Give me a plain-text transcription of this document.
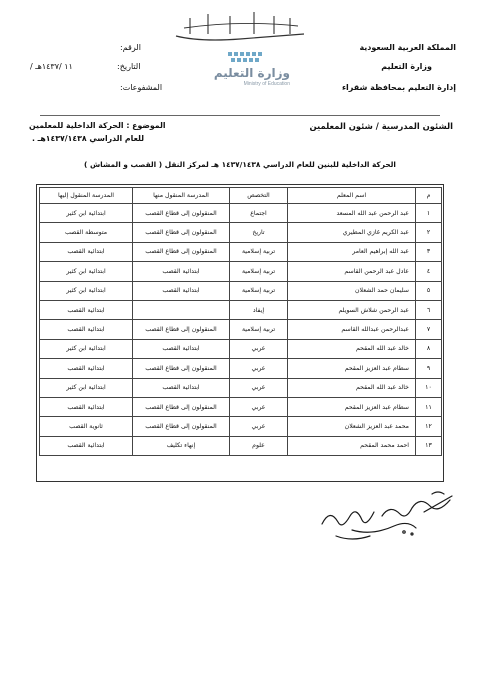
المملكة العربية السعودية
وزارة التعليم
إدارة التعليم بمحافظة شقراء
الشئون المدرسية / شئون المعلمين
الرقم:
التاريخ:
/ ١١ /١٤٣٧هـ
المشفوعات:
الموضوع : الحركة الداخلية للمعلمين
للعام الدراسي ١٤٣٧/١٤٣٨هـ .
وزارة التعليم
Ministry of Education
الحركة الداخلية للبنين للعام الدراسي ١٤٣٧/١٤٣٨ هـ لمركز النقل ( القصب و المشاش )
م	اسم المعلم	التخصص	المدرسة المنقول منها	المدرسة المنقول إليها
١	عبد الرحمن عبد الله المسعد	اجتماع	المنقولون إلى قطاع القصب	ابتدائية ابن كثير
٢	عبد الكريم غازي المطيري	تاريخ	المنقولون إلى قطاع القصب	متوسطة القصب
٣	عبد الله إبراهيم العامر	تربية إسلامية	المنقولون إلى قطاع القصب	ابتدائية القصب
٤	عادل عبد الرحمن القاسم	تربية إسلامية	ابتدائية القصب	ابتدائية ابن كثير
٥	سليمان حمد الشعلان	تربية إسلامية	ابتدائية القصب	ابتدائية ابن كثير
٦	عبد الرحمن شلاش السويلم	إيفاد		ابتدائية القصب
٧	عبدالرحمن عبدالله القاسم	تربية إسلامية	المنقولون إلى قطاع القصب	ابتدائية القصب
٨	خالد عبد الله المقحم	عربي	ابتدائية القصب	ابتدائية ابن كثير
٩	سطام عبد العزيز المقحم	عربي	المنقولون إلى قطاع القصب	ابتدائية القصب
١٠	خالد عبد الله المقحم	عربي	ابتدائية القصب	ابتدائية ابن كثير
١١	سطام عبد العزيز المقحم	عربي	المنقولون إلى قطاع القصب	ابتدائية القصب
١٢	محمد عبد العزيز الشعلان	عربي	المنقولون إلى قطاع القصب	ثانوية القصب
١٣	احمد محمد المقحم	علوم	إنهاء تكليف	ابتدائية القصب
